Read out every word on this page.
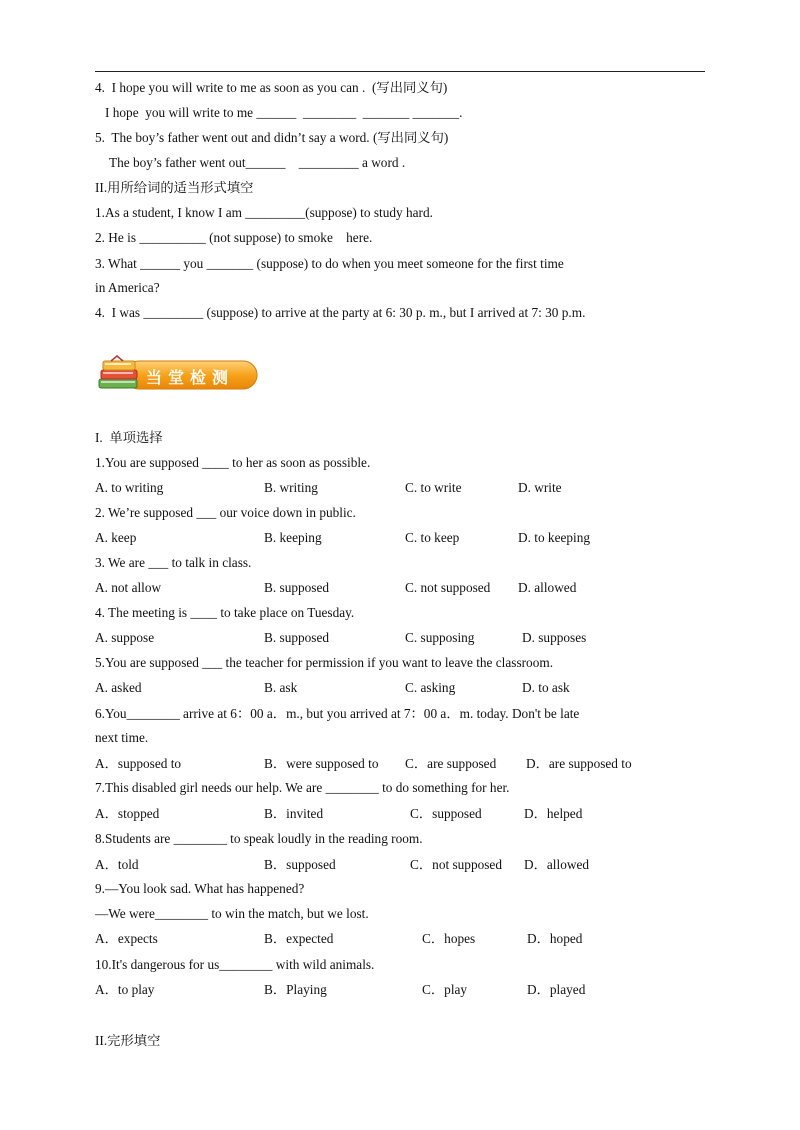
4.  I hope you will write to me as soon as you can .  (写出同义句)
I hope  you will write to me ______  ________  _______ _______.
5.  The boy’s father went out and didn’t say a word. (写出同义句)
The boy’s father went out______    _________ a word .
II.用所给词的适当形式填空
1.As a student, I know I am _________(suppose) to study hard.
2. He is __________ (not suppose) to smoke    here.
3. What ______ you _______ (suppose) to do when you meet someone for the first time
in America?
4.  I was _________ (suppose) to arrive at the party at 6: 30 p. m., but I arrived at 7: 30 p.m.
当堂检测
I.  单项选择
1.You are supposed ____ to her as soon as possible.
A. to writing	B. writing	C. to write	D. write
2. We’re supposed ___ our voice down in public.
A. keep	B. keeping	C. to keep	D. to keeping
3. We are ___ to talk in class.
A. not allow	B. supposed	C. not supposed D. allowed
4. The meeting is ____ to take place on Tuesday.
A. suppose	B. supposed	C. supposing	D. supposes
5.You are supposed ___ the teacher for permission if you want to leave the classroom.
A. asked	B. ask	C. asking	D. to ask
6.You________ arrive at 6：00 a．m., but you arrived at 7：00 a．m. today. Don't be late
next time.
A．supposed to	B．were supposed to C．are supposed D．are supposed to
7.This disabled girl needs our help. We are ________ to do something for her.
A．stopped	B．invited	C．supposed	D．helped
8.Students are ________ to speak loudly in the reading room.
A．told	B．supposed	C．not supposed D．allowed
9.—You look sad. What has happened?
—We were________ to win the match, but we lost.
A．expects	B．expected	C．hopes	D．hoped
10.It's dangerous for us________ with wild animals.
A．to play	B．Playing	C．play	D．played
II.完形填空
